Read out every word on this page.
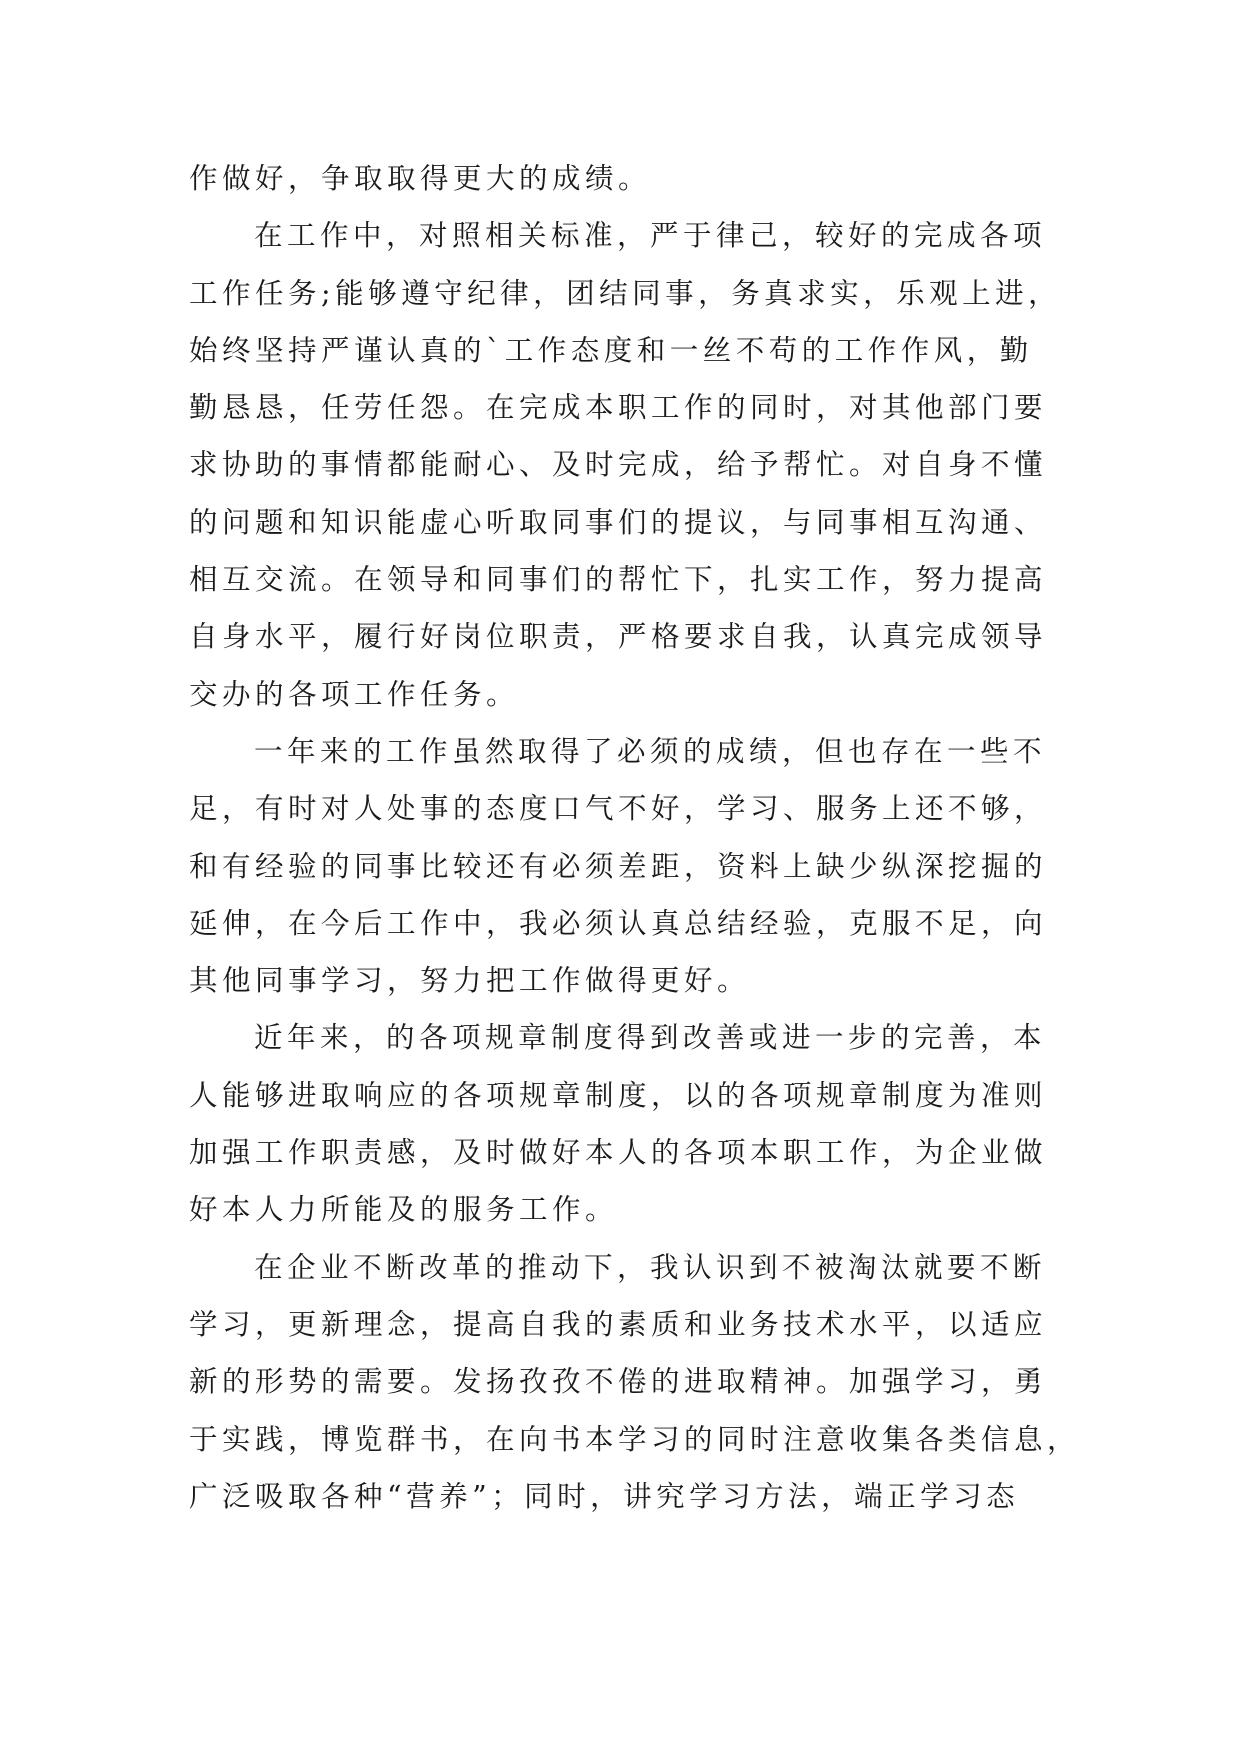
作做好，争取取得更大的成绩。
在工作中，对照相关标准，严于律己，较好的完成各项
工作任务;能够遵守纪律，团结同事，务真求实，乐观上进，
始终坚持严谨认真的`工作态度和一丝不苟的工作作风，勤
勤恳恳，任劳任怨。在完成本职工作的同时，对其他部门要
求协助的事情都能耐心、及时完成，给予帮忙。对自身不懂
的问题和知识能虚心听取同事们的提议，与同事相互沟通、
相互交流。在领导和同事们的帮忙下，扎实工作，努力提高
自身水平，履行好岗位职责，严格要求自我，认真完成领导
交办的各项工作任务。
一年来的工作虽然取得了必须的成绩，但也存在一些不
足，有时对人处事的态度口气不好，学习、服务上还不够，
和有经验的同事比较还有必须差距，资料上缺少纵深挖掘的
延伸，在今后工作中，我必须认真总结经验，克服不足，向
其他同事学习，努力把工作做得更好。
近年来，的各项规章制度得到改善或进一步的完善，本
人能够进取响应的各项规章制度，以的各项规章制度为准则
加强工作职责感，及时做好本人的各项本职工作，为企业做
好本人力所能及的服务工作。
在企业不断改革的推动下，我认识到不被淘汰就要不断
学习，更新理念，提高自我的素质和业务技术水平，以适应
新的形势的需要。发扬孜孜不倦的进取精神。加强学习，勇
于实践，博览群书，在向书本学习的同时注意收集各类信息，
广泛吸取各种“营养”；同时，讲究学习方法，端正学习态
